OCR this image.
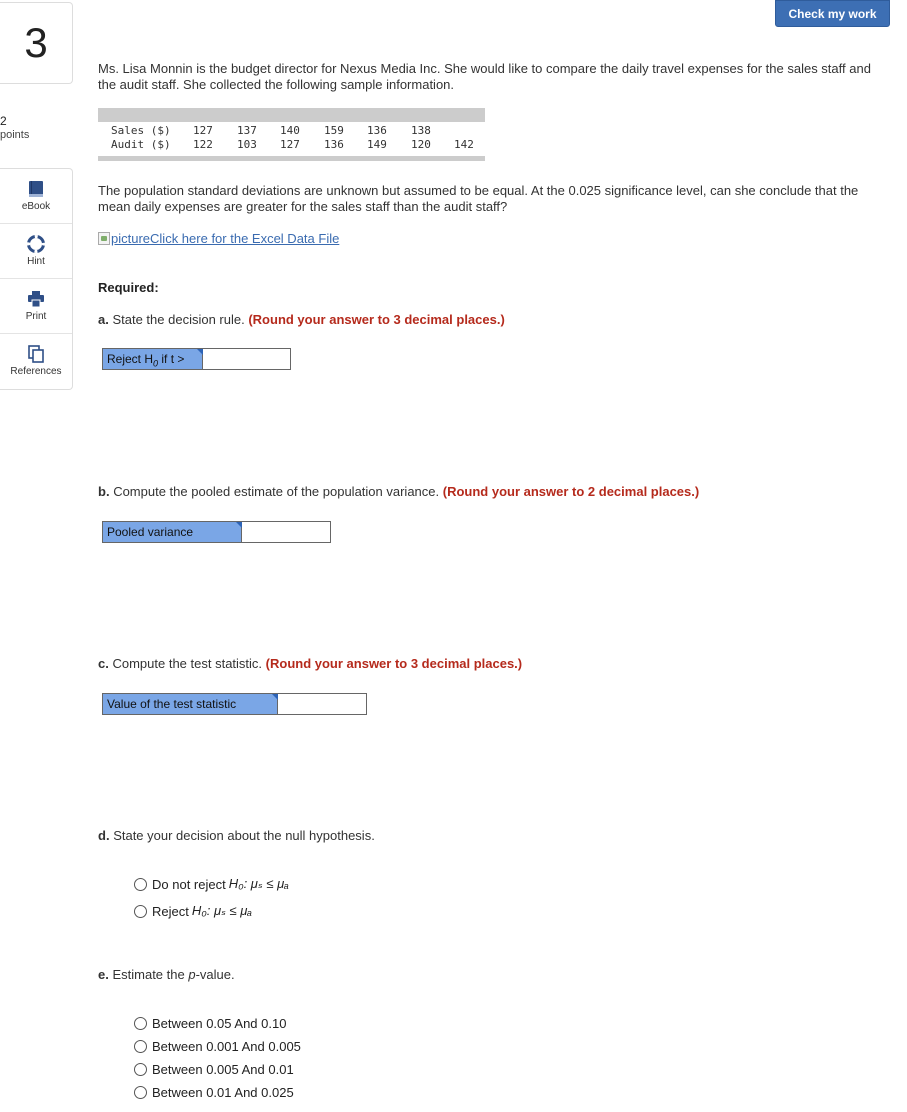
Check my work
3
2
points
eBook
Hint
Print
References
Ms. Lisa Monnin is the budget director for Nexus Media Inc. She would like to compare the daily travel expenses for the sales staff and the audit staff. She collected the following sample information.
Sales ($) 127 137 140 159 136 138
Audit ($) 122 103 127 136 149 120 142
The population standard deviations are unknown but assumed to be equal. At the 0.025 significance level, can she conclude that the mean daily expenses are greater for the sales staff than the audit staff?
pictureClick here for the Excel Data File
Required:
a. State the decision rule. (Round your answer to 3 decimal places.)
Reject $H_0$ if t >
b. Compute the pooled estimate of the population variance. (Round your answer to 2 decimal places.)
Pooled variance
c. Compute the test statistic. (Round your answer to 3 decimal places.)
Value of the test statistic
d. State your decision about the null hypothesis.
Do not reject H₀: μₛ ≤ μₐ
Reject H₀: μₛ ≤ μₐ
e. Estimate the p-value.
Between 0.05 And 0.10
Between 0.001 And 0.005
Between 0.005 And 0.01
Between 0.01 And 0.025
